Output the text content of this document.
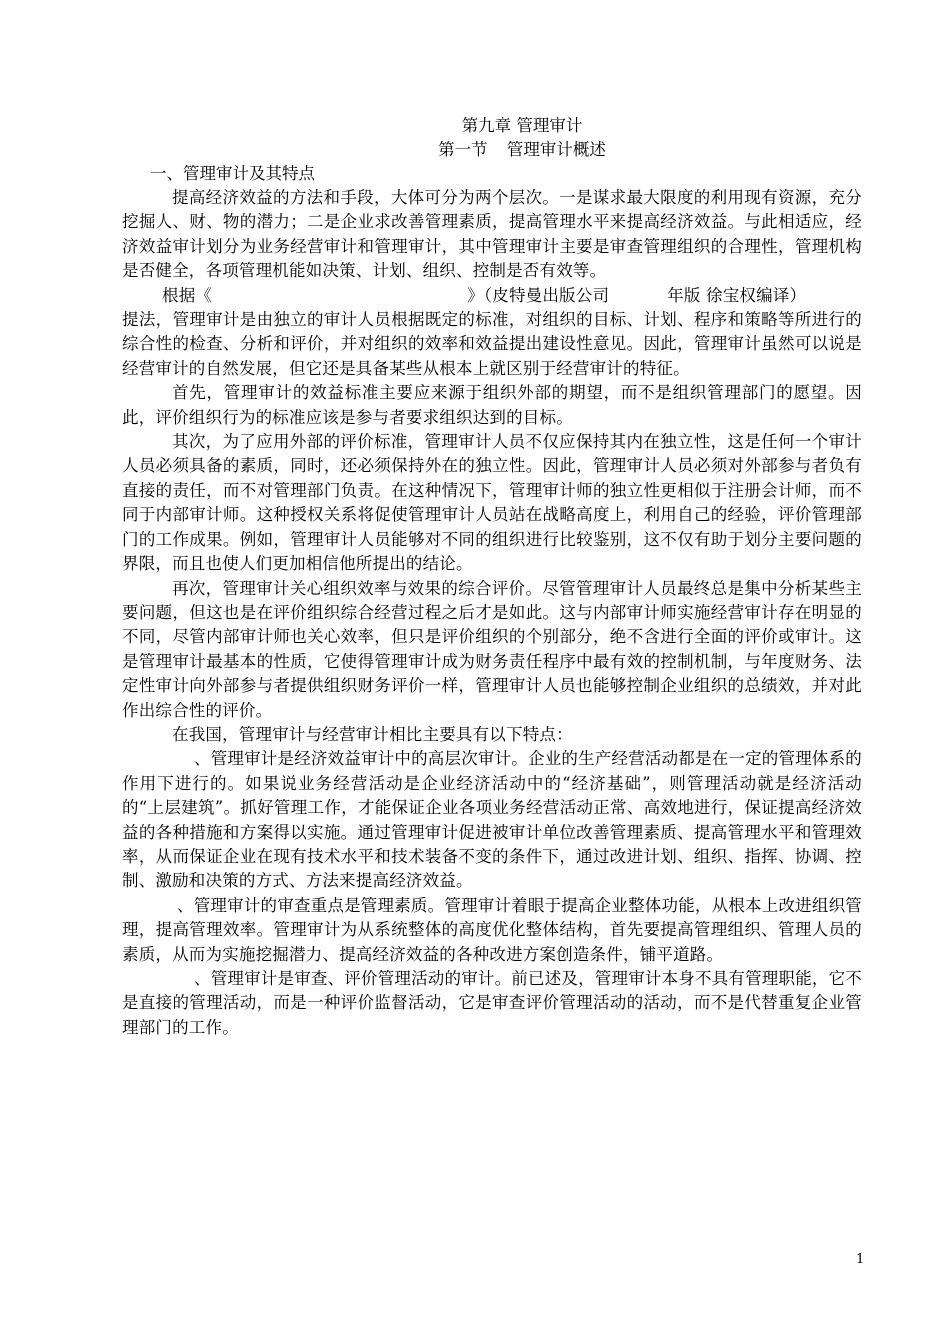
第九章 管理审计

第一节 管理审计概述

一、管理审计及其特点

提高经济效益的方法和手段，大体可分为两个层次。一是谋求最大限度的利用现有资源，充分挖掘人、财、物的潜力；二是企业求改善管理素质，提高管理水平来提高经济效益。与此相适应，经济效益审计划分为业务经营审计和管理审计，其中管理审计主要是审查管理组织的合理性，管理机构是否健全，各项管理机能如决策、计划、组织、控制是否有效等。

根据《	》（皮特曼出版公司	年版 徐宝权编译）

提法，管理审计是由独立的审计人员根据既定的标准，对组织的目标、计划、程序和策略等所进行的综合性的检查、分析和评价，并对组织的效率和效益提出建设性意见。因此，管理审计虽然可以说是经营审计的自然发展，但它还是具备某些从根本上就区别于经营审计的特征。

首先，管理审计的效益标准主要应来源于组织外部的期望，而不是组织管理部门的愿望。因此，评价组织行为的标准应该是参与者要求组织达到的目标。

其次，为了应用外部的评价标准，管理审计人员不仅应保持其内在独立性，这是任何一个审计人员必须具备的素质，同时，还必须保持外在的独立性。因此，管理审计人员必须对外部参与者负有直接的责任，而不对管理部门负责。在这种情况下，管理审计师的独立性更相似于注册会计师，而不同于内部审计师。这种授权关系将促使管理审计人员站在战略高度上，利用自己的经验，评价管理部门的工作成果。例如，管理审计人员能够对不同的组织进行比较鉴别，这不仅有助于划分主要问题的界限，而且也使人们更加相信他所提出的结论。

再次，管理审计关心组织效率与效果的综合评价。尽管管理审计人员最终总是集中分析某些主要问题，但这也是在评价组织综合经营过程之后才是如此。这与内部审计师实施经营审计存在明显的不同，尽管内部审计师也关心效率，但只是评价组织的个别部分，绝不含进行全面的评价或审计。这是管理审计最基本的性质，它使得管理审计成为财务责任程序中最有效的控制机制，与年度财务、法定性审计向外部参与者提供组织财务评价一样，管理审计人员也能够控制企业组织的总绩效，并对此作出综合性的评价。

在我国，管理审计与经营审计相比主要具有以下特点：

、管理审计是经济效益审计中的高层次审计。企业的生产经营活动都是在一定的管理体系的作用下进行的。如果说业务经营活动是企业经济活动中的“经济基础”，则管理活动就是经济活动的“上层建筑”。抓好管理工作，才能保证企业各项业务经营活动正常、高效地进行，保证提高经济效益的各种措施和方案得以实施。通过管理审计促进被审计单位改善管理素质、提高管理水平和管理效率，从而保证企业在现有技术水平和技术装备不变的条件下，通过改进计划、组织、指挥、协调、控制、激励和决策的方式、方法来提高经济效益。

、管理审计的审查重点是管理素质。管理审计着眼于提高企业整体功能，从根本上改进组织管理，提高管理效率。管理审计为从系统整体的高度优化整体结构，首先要提高管理组织、管理人员的素质，从而为实施挖掘潜力、提高经济效益的各种改进方案创造条件，铺平道路。

、管理审计是审查、评价管理活动的审计。前已述及，管理审计本身不具有管理职能，它不是直接的管理活动，而是一种评价监督活动，它是审查评价管理活动的活动，而不是代替重复企业管理部门的工作。

1
